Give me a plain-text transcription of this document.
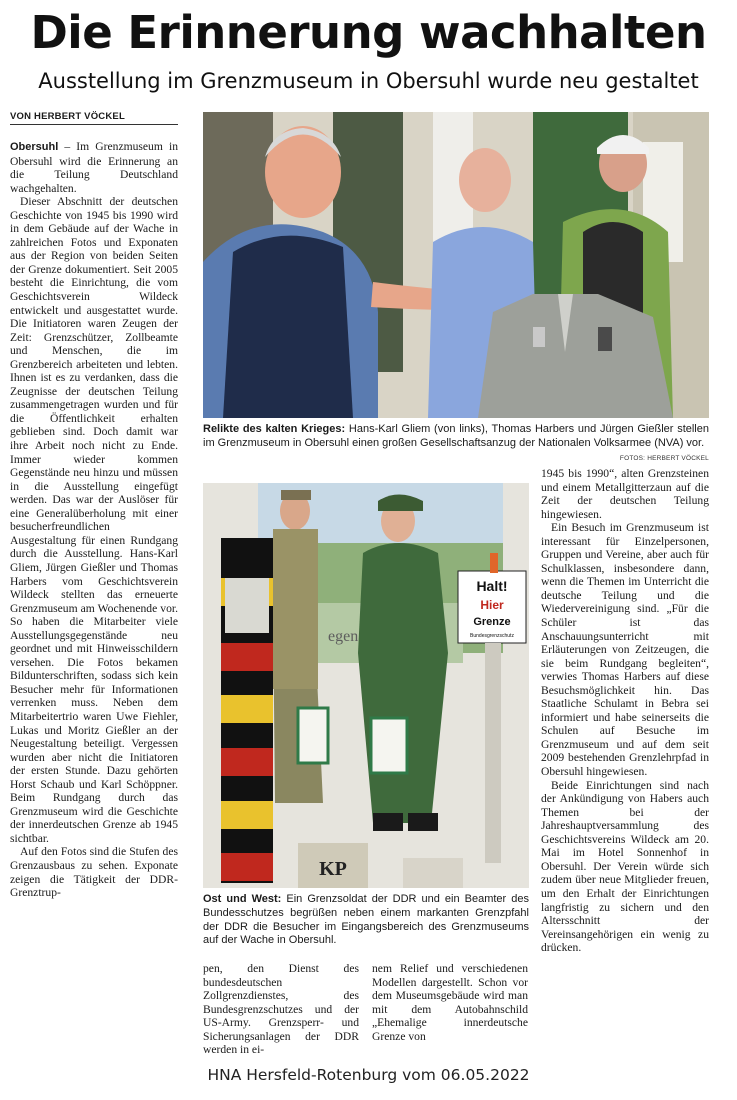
Die Erinnerung wachhalten
Ausstellung im Grenzmuseum in Obersuhl wurde neu gestaltet
VON HERBERT VÖCKEL

Obersuhl – Im Grenzmuseum in Obersuhl wird die Erinnerung an die Teilung Deutschland wachgehalten.

Dieser Abschnitt der deutschen Geschichte von 1945 bis 1990 wird in dem Gebäude auf der Wache in zahlreichen Fotos und Exponaten aus der Region von beiden Seiten der Grenze dokumentiert. Seit 2005 besteht die Einrichtung, die vom Geschichtsverein Wildeck entwickelt und ausgestattet wurde. Die Initiatoren waren Zeugen der Zeit: Grenzschützer, Zollbeamte und Menschen, die im Grenzbereich arbeiteten und lebten. Ihnen ist es zu verdanken, dass die Zeugnisse der deutschen Teilung zusammengetragen wurden und für die Öffentlichkeit erhalten geblieben sind. Doch damit war ihre Arbeit noch nicht zu Ende. Immer wieder kommen Gegenstände neu hinzu und müssen in die Ausstellung eingefügt werden. Das war der Auslöser für eine Generalüberholung mit einer besucherfreundlichen Ausgestaltung für einen Rundgang durch die Ausstellung. Hans-Karl Gliem, Jürgen Gießler und Thomas Harbers vom Geschichtsverein Wildeck stellten das erneuerte Grenzmuseum am Wochenende vor. So haben die Mitarbeiter viele Ausstellungsgegenstände neu geordnet und mit Hinweisschildern versehen. Die Fotos bekamen Bildunterschriften, sodass sich kein Besucher mehr für Informationen verrenken muss. Neben dem Mitarbeitertrio waren Uwe Fiehler, Lukas und Moritz Gießler an der Neugestaltung beteiligt. Vergessen wurden aber nicht die Initiatoren der ersten Stunde. Dazu gehörten Horst Schaub und Karl Schöppner. Beim Rundgang durch das Grenzmuseum wird die Geschichte der innerdeutschen Grenze ab 1945 sichtbar.

Auf den Fotos sind die Stufen des Grenzausbaus zu sehen. Exponate zeigen die Tätigkeit der DDR-Grenztrup-

Relikte des kalten Krieges: Hans-Karl Gliem (von links), Thomas Harbers und Jürgen Gießler stellen im Grenzmuseum in Obersuhl einen großen Gesellschaftsanzug der Nationalen Volksarmee (NVA) vor.
FOTOS: HERBERT VÖCKEL
egen
Halt!
Hier
Grenze
Bundesgrenzschutz
KP
Ost und West: Ein Grenzsoldat der DDR und ein Beamter des Bundesschutzes begrüßen neben einem markanten Grenzpfahl der DDR die Besucher im Eingangsbereich des Grenzmuseums auf der Wache in Obersuhl.

pen, den Dienst des bundesdeutschen Zollgrenzdienstes, des Bundesgrenzschutzes und der US-Army. Grenzsperr- und Sicherungsanlagen der DDR werden in ei-

nem Relief und verschiedenen Modellen dargestellt. Schon vor dem Museumsgebäude wird man mit dem Autobahnschild „Ehemalige innerdeutsche Grenze von

1945 bis 1990“, alten Grenzsteinen und einem Metallgitterzaun auf die Zeit der deutschen Teilung hingewiesen.

Ein Besuch im Grenzmuseum ist interessant für Einzelpersonen, Gruppen und Vereine, aber auch für Schulklassen, insbesondere dann, wenn die Themen im Unterricht die deutsche Teilung und die Wiedervereinigung sind. „Für die Schüler ist das Anschauungsunterricht mit Erläuterungen von Zeitzeugen, die sie beim Rundgang begleiten“, verwies Thomas Harbers auf diese Besuchsmöglichkeit hin. Das Staatliche Schulamt in Bebra sei informiert und habe seinerseits die Schulen auf Besuche im Grenzmuseum und auf dem seit 2009 bestehenden Grenzlehrpfad in Obersuhl hingewiesen.

Beide Einrichtungen sind nach der Ankündigung von Habers auch Themen bei der Jahreshauptversammlung des Geschichtsvereins Wildeck am 20. Mai im Hotel Sonnenhof in Obersuhl. Der Verein würde sich zudem über neue Mitglieder freuen, um den Erhalt der Einrichtungen langfristig zu sichern und den Altersschnitt der Vereinsangehörigen ein wenig zu drücken.

HNA Hersfeld-Rotenburg vom 06.05.2022
